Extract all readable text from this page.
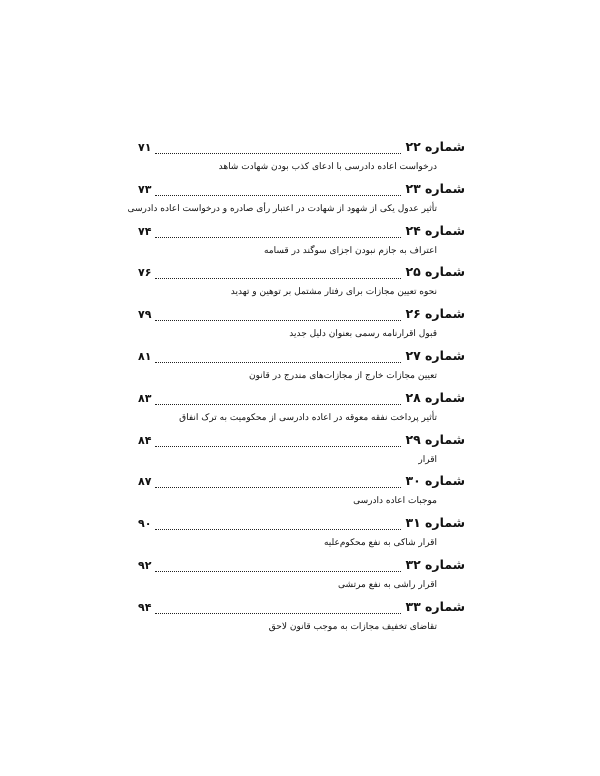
شماره ۲۲
۷۱
درخواست اعاده دادرسی با ادعای کذب بودن شهادت شاهد
شماره ۲۳
۷۳
تأثیر عدول یکی از شهود از شهادت در اعتبار رأی صادره و درخواست اعاده دادرسی
شماره ۲۴
۷۴
اعتراف به جازم نبودن اجزای سوگند در قسامه
شماره ۲۵
۷۶
نحوه تعیین مجازات برای رفتار مشتمل بر توهین و تهدید
شماره ۲۶
۷۹
قبول اقرارنامه رسمی بعنوان دلیل جدید
شماره ۲۷
۸۱
تعیین مجازات خارج از مجازات‌های مندرج در قانون
شماره ۲۸
۸۳
تأثیر پرداخت نفقه معوقه در اعاده دادرسی از محکومیت به ترک انفاق
شماره ۲۹
۸۴
اقرار
شماره ۳۰
۸۷
موجبات اعاده دادرسی
شماره ۳۱
۹۰
اقرار شاکی به نفع محکوم‌علیه
شماره ۳۲
۹۲
اقرار راشی به نفع مرتشی
شماره ۳۳
۹۴
تقاضای تخفیف مجازات به موجب قانون لاحق
